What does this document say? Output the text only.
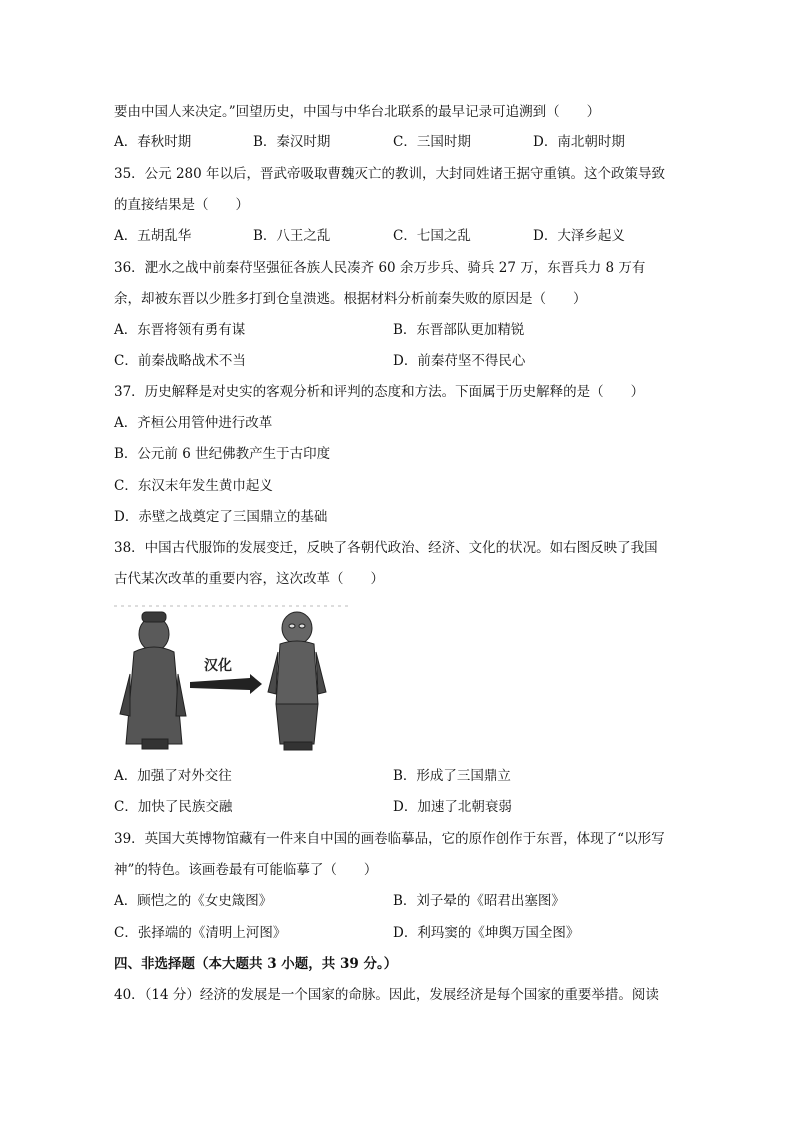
要由中国人来决定。”回望历史，中国与中华台北联系的最早记录可追溯到（　　）
A．春秋时期	B．秦汉时期	C．三国时期	D．南北朝时期
35．公元 280 年以后，晋武帝吸取曹魏灭亡的教训，大封同姓诸王据守重镇。这个政策导致
的直接结果是（　　）
A．五胡乱华	B．八王之乱	C．七国之乱	D．大泽乡起义
36．淝水之战中前秦苻坚强征各族人民凑齐 60 余万步兵、骑兵 27 万，东晋兵力 8 万有
余，却被东晋以少胜多打到仓皇溃逃。根据材料分析前秦失败的原因是（　　）
A．东晋将领有勇有谋	B．东晋部队更加精锐
C．前秦战略战术不当	D．前秦苻坚不得民心
37．历史解释是对史实的客观分析和评判的态度和方法。下面属于历史解释的是（　　）
A．齐桓公用管仲进行改革
B．公元前 6 世纪佛教产生于古印度
C．东汉末年发生黄巾起义
D．赤壁之战奠定了三国鼎立的基础
38．中国古代服饰的发展变迁，反映了各朝代政治、经济、文化的状况。如右图反映了我国
古代某次改革的重要内容，这次改革（　　）
汉化
A．加强了对外交往	B．形成了三国鼎立
C．加快了民族交融	D．加速了北朝衰弱
39．英国大英博物馆藏有一件来自中国的画卷临摹品，它的原作创作于东晋，体现了“以形写
神”的特色。该画卷最有可能临摹了（　　）
A．顾恺之的《女史箴图》	B．刘子晕的《昭君出塞图》
C．张择端的《清明上河图》	D．利玛窦的《坤舆万国全图》
四、非选择题（本大题共 3 小题，共 39 分。）
40．（14 分）经济的发展是一个国家的命脉。因此，发展经济是每个国家的重要举措。阅读
